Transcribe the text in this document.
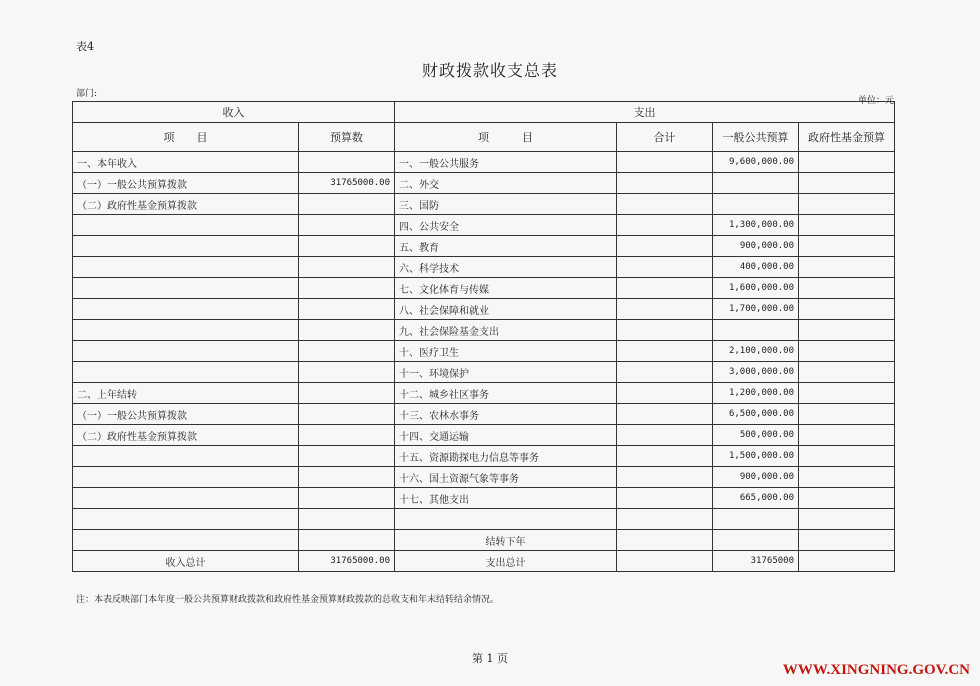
表4
财政拨款收支总表
部门:
单位：元
收入		支出			
项　　目	预算数	项　　　目	合计	一般公共预算	政府性基金预算
一、本年收入		一、一般公共服务		9,600,000.00	
（一）一般公共预算拨款	31765000.00	二、外交			
（二）政府性基金预算拨款		三、国防			
		四、公共安全		1,300,000.00	
		五、教育		900,000.00	
		六、科学技术		400,000.00	
		七、文化体育与传媒		1,600,000.00	
		八、社会保障和就业		1,700,000.00	
		九、社会保险基金支出			
		十、医疗卫生		2,100,000.00	
		十一、环境保护		3,000,000.00	
二、上年结转		十二、城乡社区事务		1,200,000.00	
（一）一般公共预算拨款		十三、农林水事务		6,500,000.00	
（二）政府性基金预算拨款		十四、交通运输		500,000.00	
		十五、资源勘探电力信息等事务		1,500,000.00	
		十六、国土资源气象等事务		900,000.00	
		十七、其他支出		665,000.00	

		结转下年			
收入总计	31765000.00	支出总计		31765000	
注：本表反映部门本年度一般公共预算财政拨款和政府性基金预算财政拨款的总收支和年末结转结余情况。
第 1 页
WWW.XINGNING.GOV.CN
